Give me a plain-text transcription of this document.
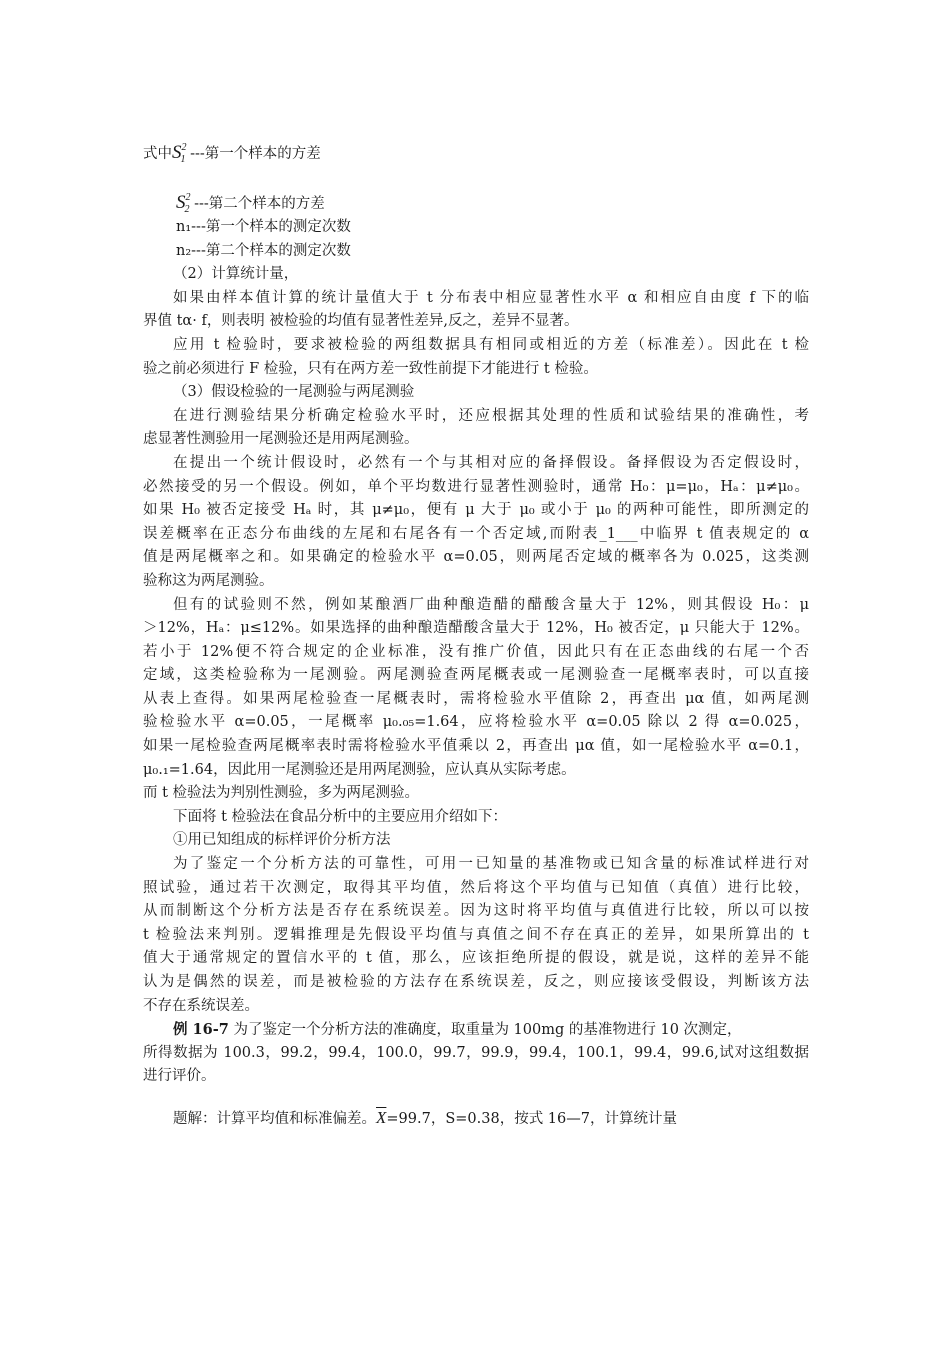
式中$S^2_1$ ---第一个样本的方差
$S^2_2$ ---第二个样本的方差
n₁---第一个样本的测定次数
n₂---第二个样本的测定次数
（2）计算统计量，
如果由样本值计算的统计量值大于 t 分布表中相应显著性水平 α 和相应自由度 f 下的临
界值 tα· f，则表明 被检验的均值有显著性差异,反之，差异不显著。
应用 t 检验时，要求被检验的两组数据具有相同或相近的方差（标准差）。因此在 t 检
验之前必须进行 F 检验，只有在两方差一致性前提下才能进行 t 检验。
（3）假设检验的一尾测验与两尾测验
在进行测验结果分析确定检验水平时，还应根据其处理的性质和试验结果的准确性，考
虑显著性测验用一尾测验还是用两尾测验。
在提出一个统计假设时，必然有一个与其相对应的备择假设。备择假设为否定假设时，
必然接受的另一个假设。例如，单个平均数进行显著性测验时，通常 H₀：μ=μ₀，Hₐ：μ≠μ₀。
如果 H₀ 被否定接受 Hₐ 时，其 μ≠μ₀，便有 μ 大于 μ₀ 或小于 μ₀ 的两种可能性，即所测定的
误差概率在正态分布曲线的左尾和右尾各有一个否定域,而附表_1___中临界 t 值表规定的 α
值是两尾概率之和。如果确定的检验水平 α=0.05，则两尾否定域的概率各为 0.025，这类测
验称这为两尾测验。
但有的试验则不然，例如某酿酒厂曲种酿造醋的醋酸含量大于 12%，则其假设 H₀：μ
＞12%，Hₐ：μ≤12%。如果选择的曲种酿造醋酸含量大于 12%，H₀ 被否定，μ 只能大于 12%。
若小于 12%便不符合规定的企业标准，没有推广价值，因此只有在正态曲线的右尾一个否
定域，这类检验称为一尾测验。两尾测验查两尾概表或一尾测验查一尾概率表时，可以直接
从表上查得。如果两尾检验查一尾概表时，需将检验水平值除 2，再查出 μα 值，如两尾测
验检验水平 α=0.05，一尾概率 μ₀.₀₅=1.64，应将检验水平 α=0.05 除以 2 得 α=0.025，
如果一尾检验查两尾概率表时需将检验水平值乘以 2，再查出 μα 值，如一尾检验水平 α=0.1，
μ₀.₁=1.64，因此用一尾测验还是用两尾测验，应认真从实际考虑。
而 t 检验法为判别性测验，多为两尾测验。
下面将 t 检验法在食品分析中的主要应用介绍如下：
①用已知组成的标样评价分析方法
为了鉴定一个分析方法的可靠性，可用一已知量的基准物或已知含量的标准试样进行对
照试验，通过若干次测定，取得其平均值，然后将这个平均值与已知值（真值）进行比较，
从而制断这个分析方法是否存在系统误差。因为这时将平均值与真值进行比较，所以可以按
t 检验法来判别。逻辑推理是先假设平均值与真值之间不存在真正的差异，如果所算出的 t
值大于通常规定的置信水平的 t 值，那么，应该拒绝所提的假设，就是说，这样的差异不能
认为是偶然的误差，而是被检验的方法存在系统误差，反之，则应接该受假设，判断该方法
不存在系统误差。
例 16-7 为了鉴定一个分析方法的准确度，取重量为 100mg 的基准物进行 10 次测定，
所得数据为 100.3，99.2，99.4，100.0，99.7，99.9，99.4，100.1，99.4，99.6,试对这组数据
进行评价。
题解：计算平均值和标准偏差。$\overline{X}=99.7$，S=0.38，按式 16—7，计算统计量
